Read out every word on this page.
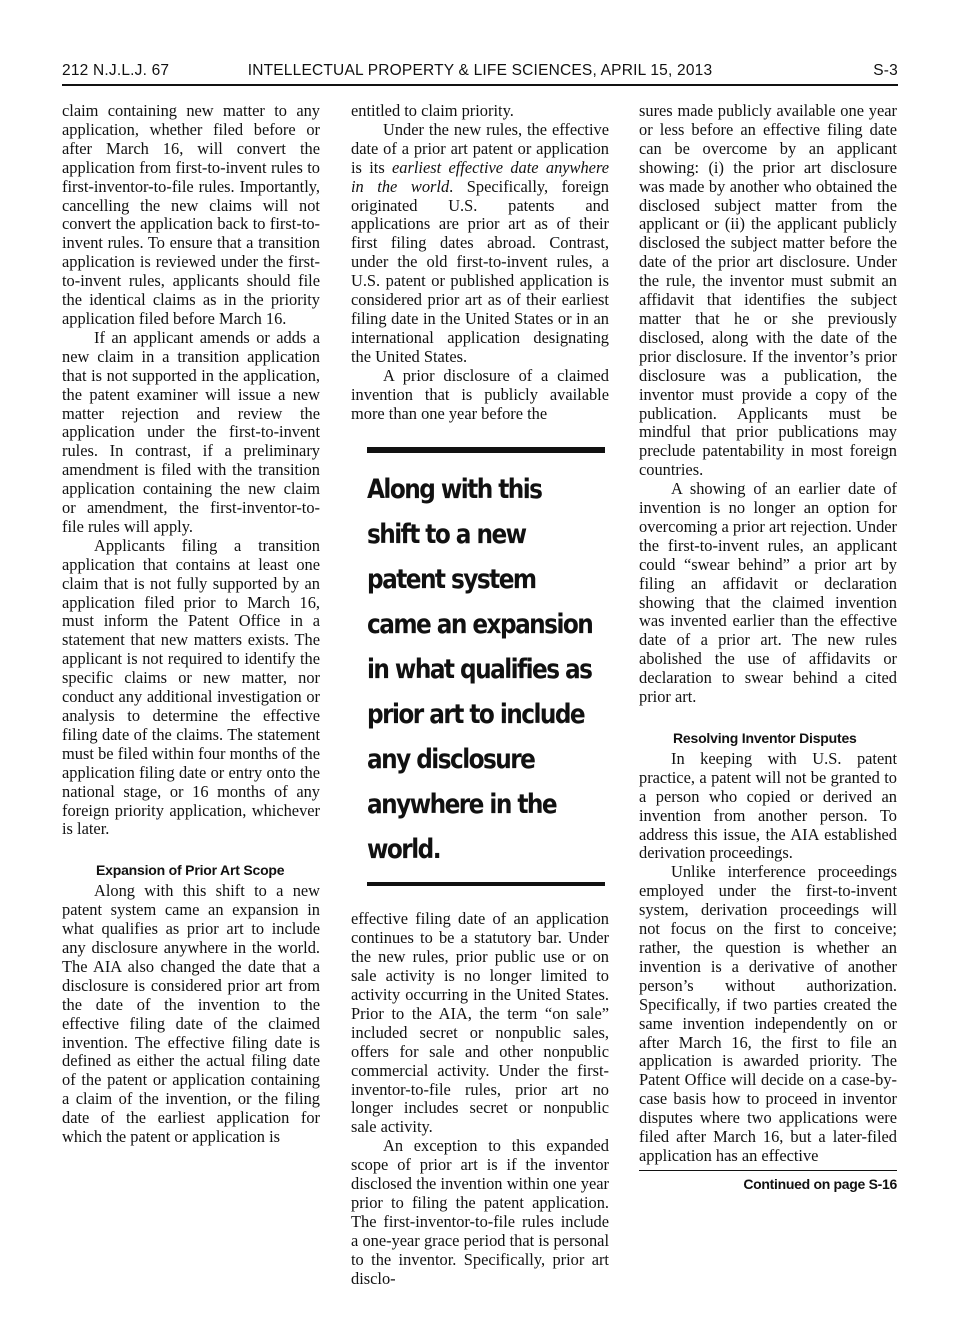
212 N.J.L.J. 67	INTELLECTUAL PROPERTY & LIFE SCIENCES, APRIL 15, 2013	S-3

claim containing new matter to any application, whether filed before or after March 16, will convert the application from first-to-invent rules to first-inventor-to-file rules. Importantly, cancelling the new claims will not convert the application back to first-to-invent rules. To ensure that a transition application is reviewed under the first-to-invent rules, applicants should file the identical claims as in the priority application filed before March 16.

If an applicant amends or adds a new claim in a transition application that is not supported in the application, the patent examiner will issue a new matter rejection and review the application under the first-to-invent rules. In contrast, if a preliminary amendment is filed with the transition application containing the new claim or amendment, the first-inventor-to-file rules will apply.

Applicants filing a transition application that contains at least one claim that is not fully supported by an application filed prior to March 16, must inform the Patent Office in a statement that new matters exists. The applicant is not required to identify the specific claims or new matter, nor conduct any additional investigation or analysis to determine the effective filing date of the claims. The statement must be filed within four months of the application filing date or entry onto the national stage, or 16 months of any foreign priority application, whichever is later.

Expansion of Prior Art Scope

Along with this shift to a new patent system came an expansion in what qualifies as prior art to include any disclosure anywhere in the world. The AIA also changed the date that a disclosure is considered prior art from the date of the invention to the effective filing date of the claimed invention. The effective filing date is defined as either the actual filing date of the patent or application containing a claim of the invention, or the filing date of the earliest application for which the patent or application is

entitled to claim priority.

Under the new rules, the effective date of a prior art patent or application is its earliest effective date anywhere in the world. Specifically, foreign originated U.S. patents and applications are prior art as of their first filing dates abroad. Contrast, under the old first-to-invent rules, a U.S. patent or published application is considered prior art as of their earliest filing date in the United States or in an international application designating the United States.

A prior disclosure of a claimed invention that is publicly available more than one year before the

Along with this shift to a new patent system came an expansion in what qualifies as prior art to include any disclosure anywhere in the world.

effective filing date of an application continues to be a statutory bar. Under the new rules, prior public use or on sale activity is no longer limited to activity occurring in the United States. Prior to the AIA, the term “on sale” included secret or nonpublic sales, offers for sale and other nonpublic commercial activity. Under the first-inventor-to-file rules, prior art no longer includes secret or nonpublic sale activity.

An exception to this expanded scope of prior art is if the inventor disclosed the invention within one year prior to filing the patent application. The first-inventor-to-file rules include a one-year grace period that is personal to the inventor. Specifically, prior art disclo-

sures made publicly available one year or less before an effective filing date can be overcome by an applicant showing: (i) the prior art disclosure was made by another who obtained the disclosed subject matter from the applicant or (ii) the applicant publicly disclosed the subject matter before the date of the prior art disclosure. Under the rule, the inventor must submit an affidavit that identifies the subject matter that he or she previously disclosed, along with the date of the prior disclosure. If the inventor’s prior disclosure was a publication, the inventor must provide a copy of the publication. Applicants must be mindful that prior publications may preclude patentability in most foreign countries.

A showing of an earlier date of invention is no longer an option for overcoming a prior art rejection. Under the first-to-invent rules, an applicant could “swear behind” a prior art by filing an affidavit or declaration showing that the claimed invention was invented earlier than the effective date of a prior art. The new rules abolished the use of affidavits or declaration to swear behind a cited prior art.

Resolving Inventor Disputes

In keeping with U.S. patent practice, a patent will not be granted to a person who copied or derived an invention from another person. To address this issue, the AIA established derivation proceedings.

Unlike interference proceedings employed under the first-to-invent system, derivation proceedings will not focus on the first to conceive; rather, the question is whether an invention is a derivative of another person’s without authorization. Specifically, if two parties created the same invention independently on or after March 16, the first to file an application is awarded priority. The Patent Office will decide on a case-by-case basis how to proceed in inventor disputes where two applications were filed after March 16, but a later-filed application has an effective

Continued on page S-16
